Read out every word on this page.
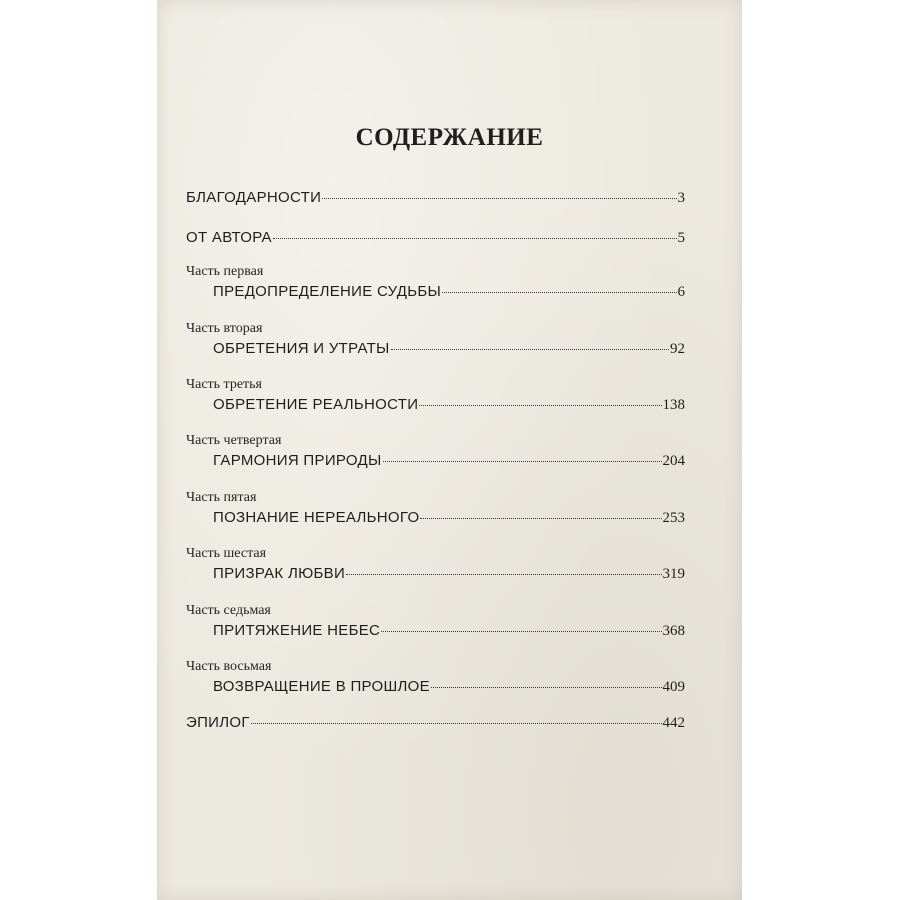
СОДЕРЖАНИЕ
БЛАГОДАРНОСТИ	3
ОТ АВТОРА	5
Часть первая
ПРЕДОПРЕДЕЛЕНИЕ СУДЬБЫ	6
Часть вторая
ОБРЕТЕНИЯ И УТРАТЫ	92
Часть третья
ОБРЕТЕНИЕ РЕАЛЬНОСТИ	138
Часть четвертая
ГАРМОНИЯ ПРИРОДЫ	204
Часть пятая
ПОЗНАНИЕ НЕРЕАЛЬНОГО	253
Часть шестая
ПРИЗРАК ЛЮБВИ	319
Часть седьмая
ПРИТЯЖЕНИЕ НЕБЕС	368
Часть восьмая
ВОЗВРАЩЕНИЕ В ПРОШЛОЕ	409
ЭПИЛОГ	442
